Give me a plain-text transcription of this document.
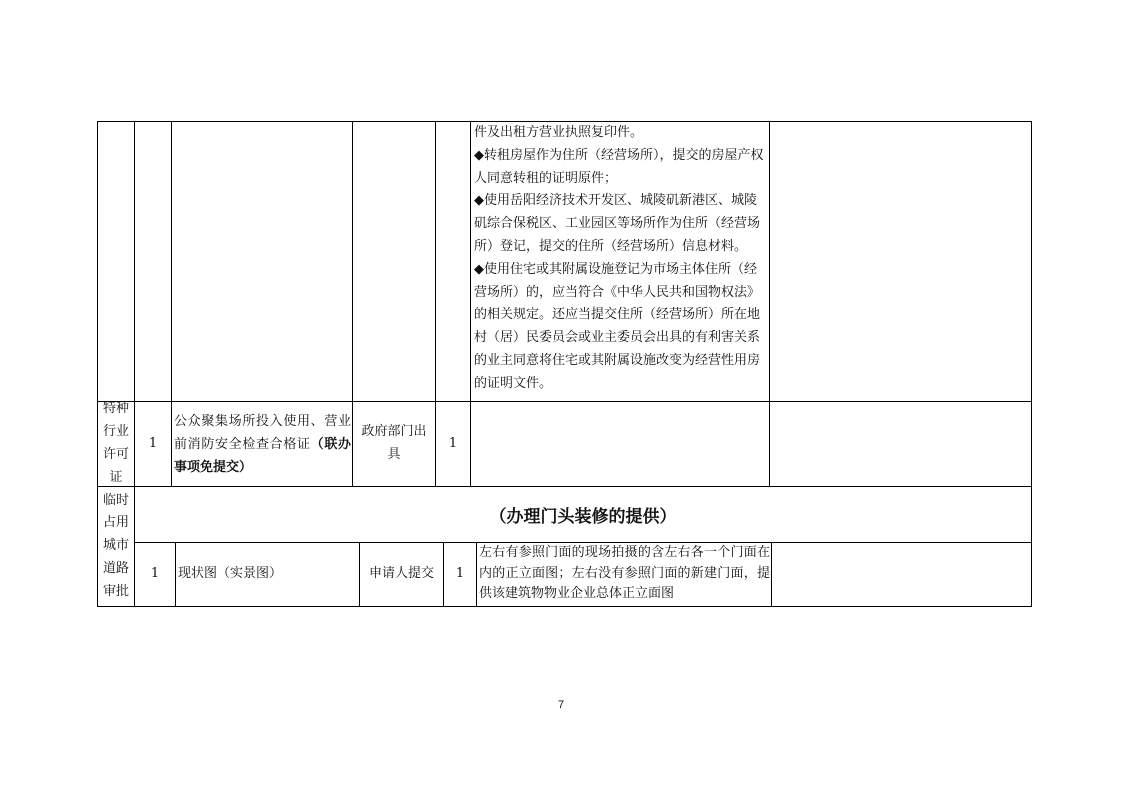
件及出租方营业执照复印件。
◆转租房屋作为住所（经营场所），提交的房屋产权人同意转租的证明原件；
◆使用岳阳经济技术开发区、城陵矶新港区、城陵矶综合保税区、工业园区等场所作为住所（经营场所）登记，提交的住所（经营场所）信息材料。
◆使用住宅或其附属设施登记为市场主体住所（经营场所）的，应当符合《中华人民共和国物权法》的相关规定。还应当提交住所（经营场所）所在地村（居）民委员会或业主委员会出具的有利害关系的业主同意将住宅或其附属设施改变为经营性用房的证明文件。
特种行业许可证
1
公众聚集场所投入使用、营业前消防安全检查合格证（联办事项免提交）
政府部门出具
1
临时占用城市道路审批
（办理门头装修的提供）
1 现状图（实景图）	申请人提交 1
左右有参照门面的现场拍摄的含左右各一个门面在内的正立面图；左右没有参照门面的新建门面，提供该建筑物物业企业总体正立面图
7
